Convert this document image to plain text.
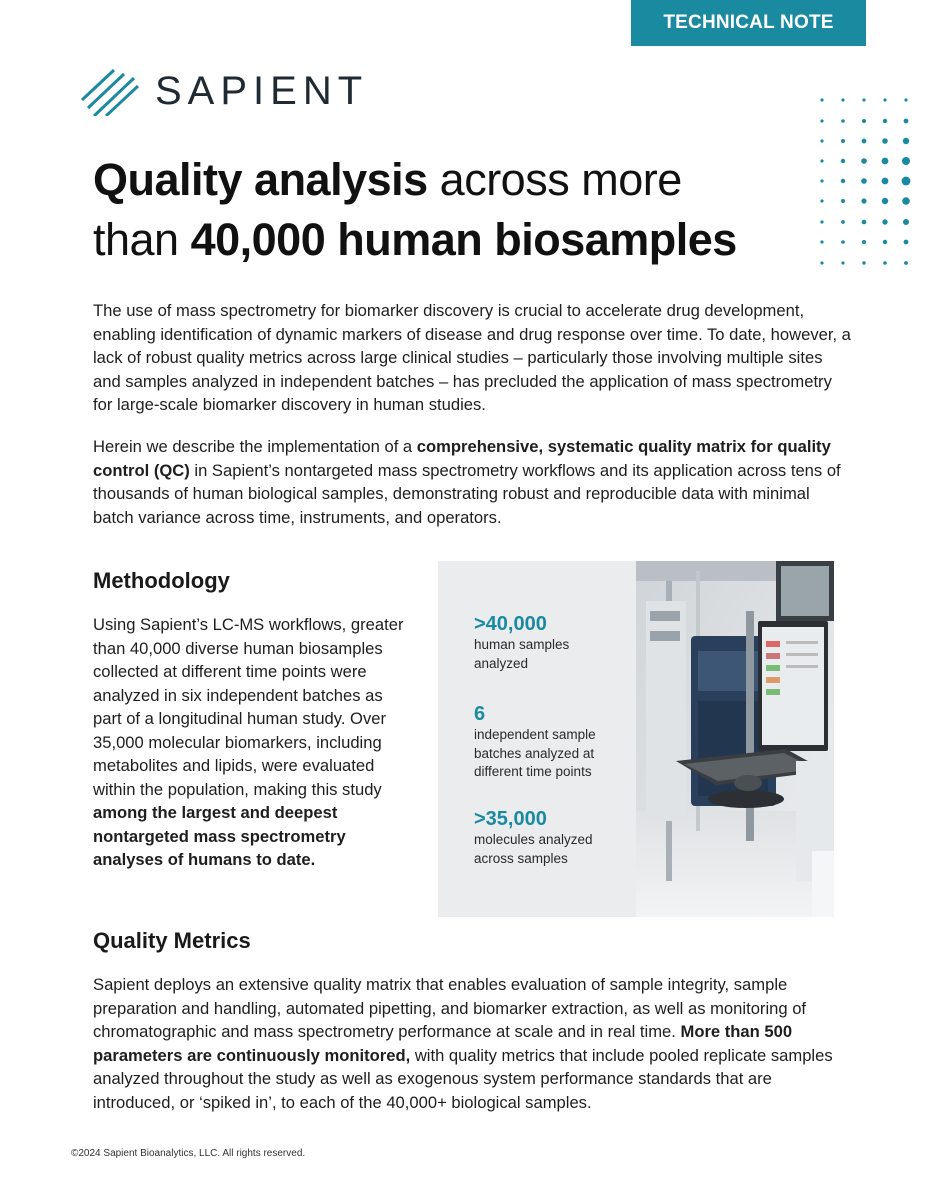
TECHNICAL NOTE
SAPIENT
Quality analysis across more
than 40,000 human biosamples

The use of mass spectrometry for biomarker discovery is crucial to accelerate drug development, enabling identification of dynamic markers of disease and drug response over time. To date, however, a lack of robust quality metrics across large clinical studies – particularly those involving multiple sites and samples analyzed in independent batches – has precluded the application of mass spectrometry for large-scale biomarker discovery in human studies.

Herein we describe the implementation of a comprehensive, systematic quality matrix for quality control (QC) in Sapient’s nontargeted mass spectrometry workflows and its application across tens of thousands of human biological samples, demonstrating robust and reproducible data with minimal batch variance across time, instruments, and operators.

Methodology

Using Sapient’s LC-MS workflows, greater than 40,000 diverse human biosamples collected at different time points were analyzed in six independent batches as part of a longitudinal human study. Over 35,000 molecular biomarkers, including metabolites and lipids, were evaluated within the population, making this study among the largest and deepest nontargeted mass spectrometry analyses of humans to date.

>40,000
human samples analyzed
6
independent sample batches analyzed at different time points
>35,000
molecules analyzed across samples
Quality Metrics

Sapient deploys an extensive quality matrix that enables evaluation of sample integrity, sample preparation and handling, automated pipetting, and biomarker extraction, as well as monitoring of chromatographic and mass spectrometry performance at scale and in real time. More than 500 parameters are continuously monitored, with quality metrics that include pooled replicate samples analyzed throughout the study as well as exogenous system performance standards that are introduced, or ‘spiked in’, to each of the 40,000+ biological samples.

©2024 Sapient Bioanalytics, LLC. All rights reserved.
